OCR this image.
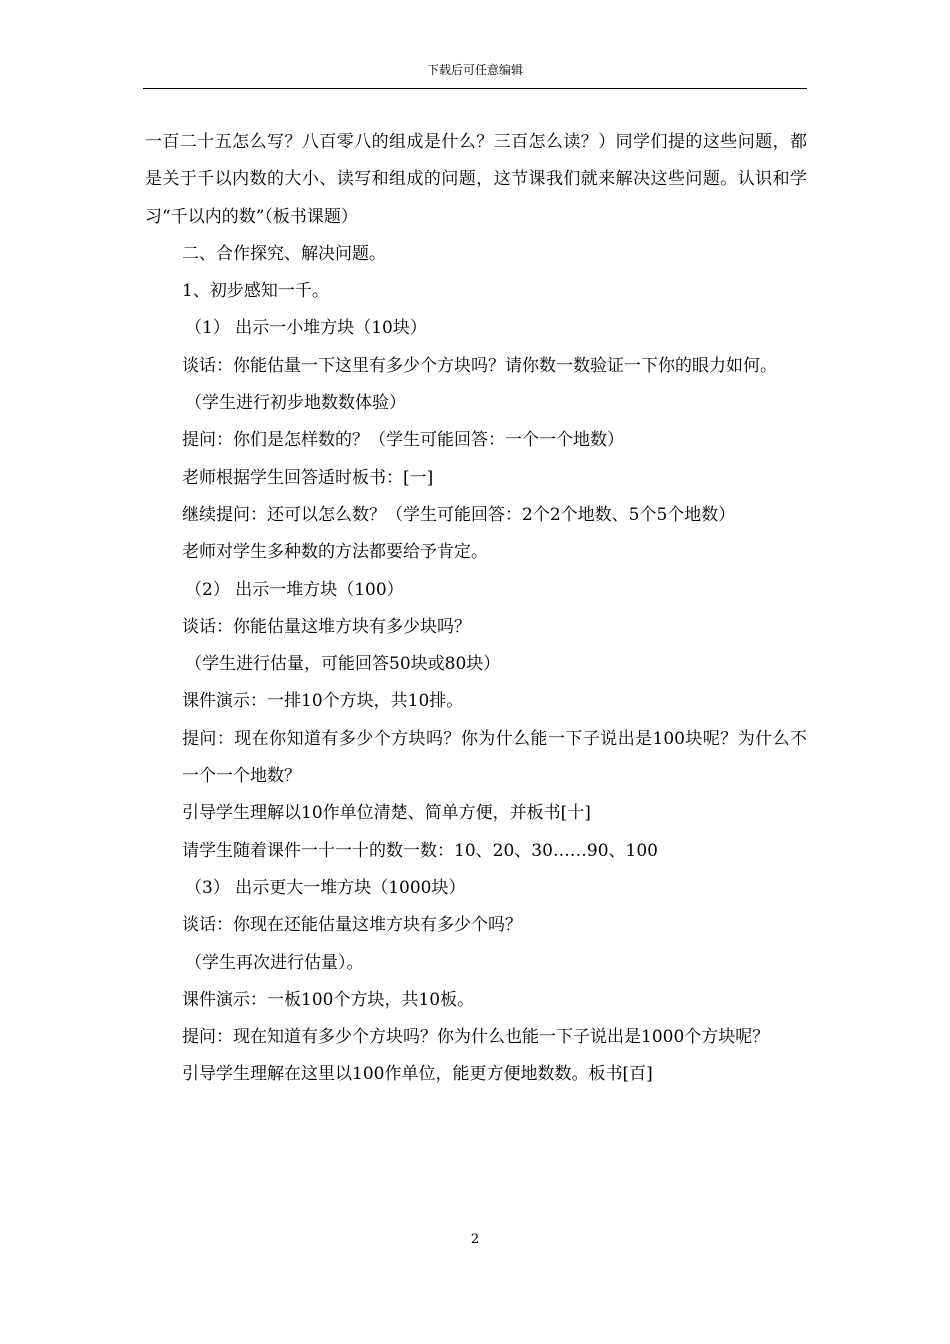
下载后可任意编辑

一百二十五怎么写？八百零八的组成是什么？三百怎么读？）同学们提的这些问题，都是关于千以内数的大小、读写和组成的问题，这节课我们就来解决这些问题。认识和学习“千以内的数”（板书课题）

二、合作探究、解决问题。

1、初步感知一千。

（1） 出示一小堆方块（10块）

谈话：你能估量一下这里有多少个方块吗？请你数一数验证一下你的眼力如何。

（学生进行初步地数数体验）

提问：你们是怎样数的？（学生可能回答：一个一个地数）

老师根据学生回答适时板书：[一]

继续提问：还可以怎么数？（学生可能回答：2个2个地数、5个5个地数）

老师对学生多种数的方法都要给予肯定。

（2） 出示一堆方块（100）

谈话：你能估量这堆方块有多少块吗？

（学生进行估量，可能回答50块或80块）

课件演示：一排10个方块，共10排。

提问：现在你知道有多少个方块吗？你为什么能一下子说出是100块呢？为什么不一个一个地数？

引导学生理解以10作单位清楚、简单方便，并板书[十]

请学生随着课件一十一十的数一数：10、20、30……90、100

（3） 出示更大一堆方块（1000块）

谈话：你现在还能估量这堆方块有多少个吗？

（学生再次进行估量）。

课件演示：一板100个方块，共10板。

提问：现在知道有多少个方块吗？你为什么也能一下子说出是1000个方块呢？

引导学生理解在这里以100作单位，能更方便地数数。板书[百]

2
